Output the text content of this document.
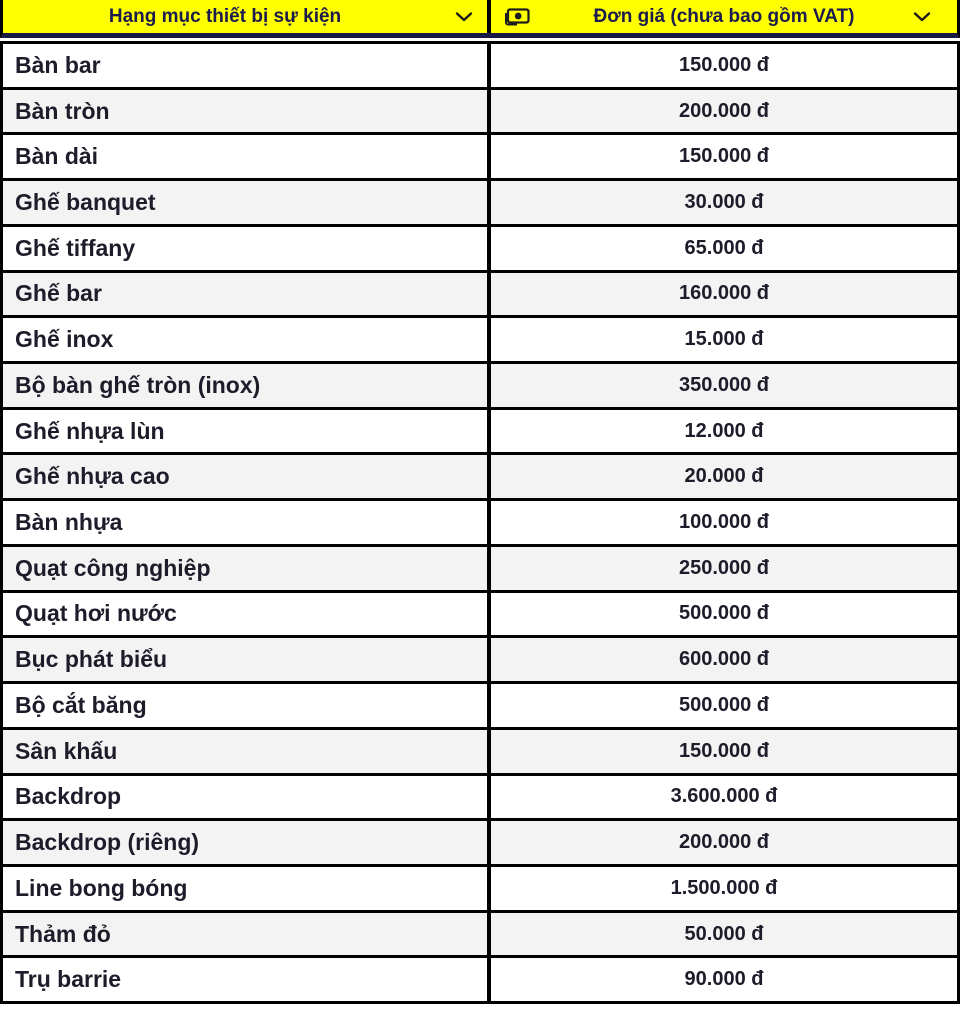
Hạng mục thiết bị sự kiện	Đơn giá (chưa bao gồm VAT)
Bàn bar	150.000 đ
Bàn tròn	200.000 đ
Bàn dài	150.000 đ
Ghế banquet	30.000 đ
Ghế tiffany	65.000 đ
Ghế bar	160.000 đ
Ghế inox	15.000 đ
Bộ bàn ghế tròn (inox)	350.000 đ
Ghế nhựa lùn	12.000 đ
Ghế nhựa cao	20.000 đ
Bàn nhựa	100.000 đ
Quạt công nghiệp	250.000 đ
Quạt hơi nước	500.000 đ
Bục phát biểu	600.000 đ
Bộ cắt băng	500.000 đ
Sân khấu	150.000 đ
Backdrop	3.600.000 đ
Backdrop (riêng)	200.000 đ
Line bong bóng	1.500.000 đ
Thảm đỏ	50.000 đ
Trụ barrie	90.000 đ
